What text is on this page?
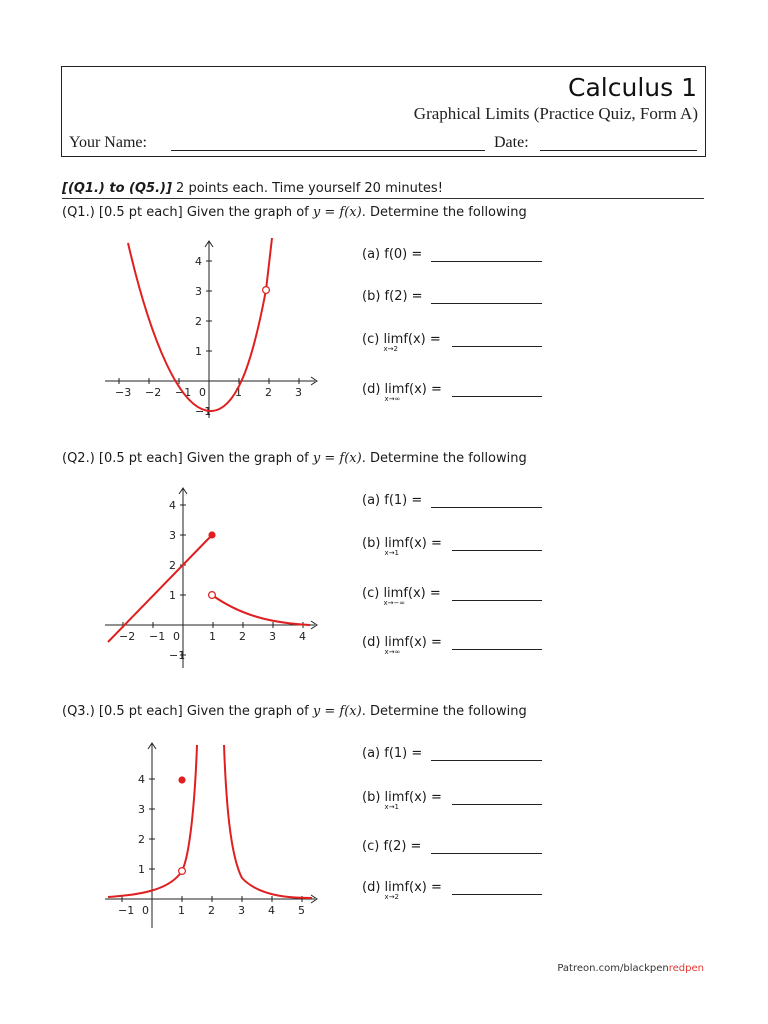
Calculus 1
Graphical Limits (Practice Quiz, Form A)
Your Name:	Date:
[(Q1.) to (Q5.)] 2 points each. Time yourself 20 minutes!
(Q1.) [0.5 pt each] Given the graph of y = f(x). Determine the following
−3 −2 −1 0	1 2 3
4
3
2
1
−1
(Q2.) [0.5 pt each] Given the graph of y = f(x). Determine the following
−2 −1 0	1 2 3 4
4
3
2
1
−1
(Q3.) [0.5 pt each] Given the graph of y = f(x). Determine the following
−1 0	1 2 3 4 5
4
3
2
1
(a) f(0) =
(b) f(2) =
(c) lim
x→2
f(x) =
(d) lim
x→∞
f(x) =
(a) f(1) =
(b) lim
x→1
f(x) =
(c) lim
x→−∞
f(x) =
(d) lim
x→∞
f(x) =
(a) f(1) =
(b) lim
x→1
f(x) =
(c) f(2) =
(d) lim
x→2
f(x) =
Patreon.com/blackpenredpen
